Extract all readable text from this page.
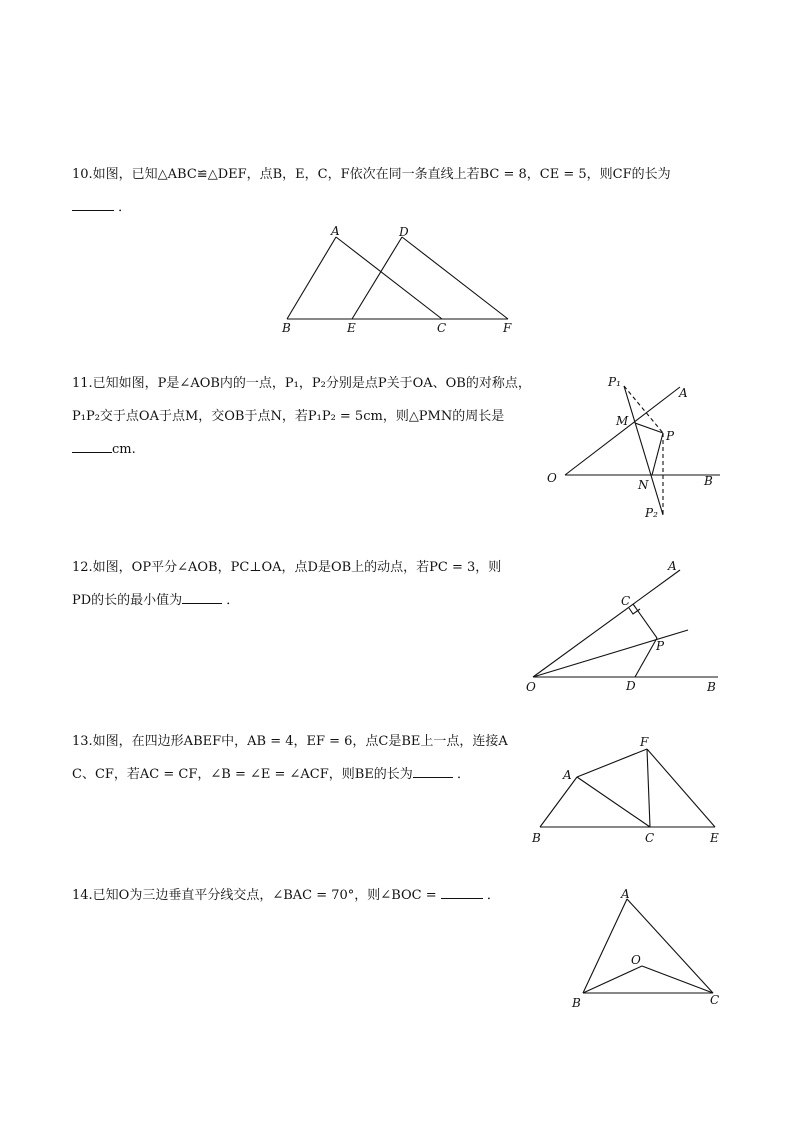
10.如图，已知△ABC≌△DEF，点B，E，C，F依次在同一条直线上若BC = 8，CE = 5，则CF的长为
．
A	D
B	E	C	F
11.已知如图，P是∠AOB内的一点，P₁，P₂分别是点P关于OA、OB的对称点，
P₁P₂交于点OA于点M，交OB于点N，若P₁P₂ = 5cm，则△PMN的周长是
cm.
P₁
A
M
P
O	N	B
P₂
12.如图，OP平分∠AOB，PC⊥OA，点D是OB上的动点，若PC = 3，则
PD的长的最小值为	．
A
C
P
O	D	B
13.如图，在四边形ABEF中，AB = 4，EF = 6，点C是BE上一点，连接A
C、CF，若AC = CF，∠B = ∠E = ∠ACF，则BE的长为	．
F
A
B	C	E
14.已知O为三边垂直平分线交点，∠BAC = 70°，则∠BOC =	．	A
O
B	C
